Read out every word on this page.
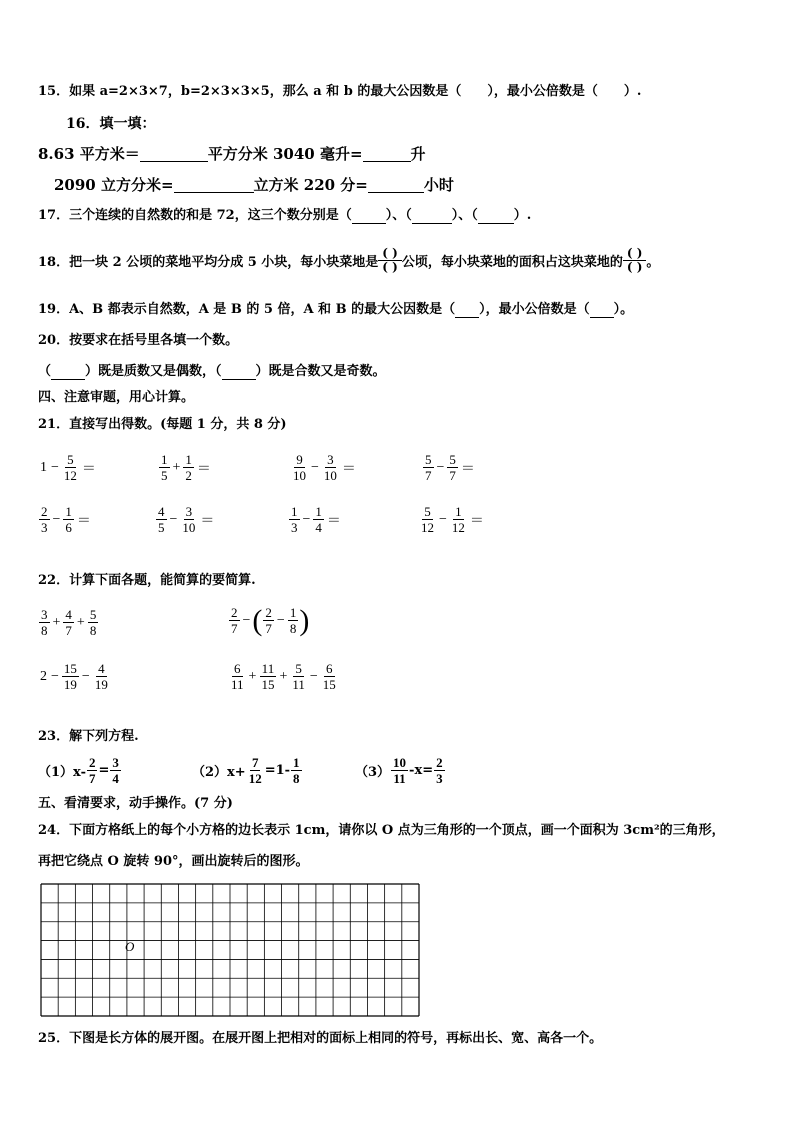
15．如果 a=2×3×7，b=2×3×3×5，那么 a 和 b 的最大公因数是（　　），最小公倍数是（　　）.
16．填一填：
8.63 平方米＝	平方分米 3040 毫升=	升
2090 立方分米=	立方米 220 分=	小时
17．三个连续的自然数的和是 72，这三个数分别是（	）、（	）、（	）.
18．把一块 2 公顷的菜地平均分成 5 小块，每小块菜地是
( )
( ) 公顷，每小块菜地的面积占这块菜地的
( )
( ) 。
19．A、B 都表示自然数，A 是 B 的 5 倍，A 和 B 的最大公因数是（ ），最小公倍数是（ ）。
20．按要求在括号里各填一个数。
（	）既是质数又是偶数，（	）既是合数又是奇数。
四、注意审题，用心计算。
21．直接写出得数。(每题 1 分，共 8 分)
$1 - \frac{5}{12}$ ＝	$\frac{1}{5} + \frac{1}{2}$ ＝	$\frac{9}{10} - \frac{3}{10}$ ＝	$\frac{5}{7} - \frac{5}{7}$ ＝
$\frac{2}{3} - \frac{1}{6}$ ＝	$\frac{4}{5} - \frac{3}{10}$ ＝	$\frac{1}{3} - \frac{1}{4}$ ＝	$\frac{5}{12} - \frac{1}{12}$ ＝
22．计算下面各题，能简算的要简算.
$\frac{3}{8} + \frac{4}{7} + \frac{5}{8}$	$\frac{2}{7}$ − ( $\frac{2}{7} - \frac{1}{8}$ )
$2 - \frac{15}{19} - \frac{4}{19}$	$\frac{6}{11} + \frac{11}{15} + \frac{5}{11} - \frac{6}{15}$
23．解下列方程.
$(1)x- \frac{2}{7} = \frac{3}{4}$	$(2)x+ \frac{7}{12} =1- \frac{1}{8}$	$(3) \frac{10}{11} -x= \frac{2}{3}$
五、看清要求，动手操作。(7 分)
24．下面方格纸上的每个小方格的边长表示 1cm，请你以 O 点为三角形的一个顶点，画一个面积为 3cm²的三角形，
再把它绕点 O 旋转 90°，画出旋转后的图形。
O
25．下图是长方体的展开图。在展开图上把相对的面标上相同的符号，再标出长、宽、高各一个。
